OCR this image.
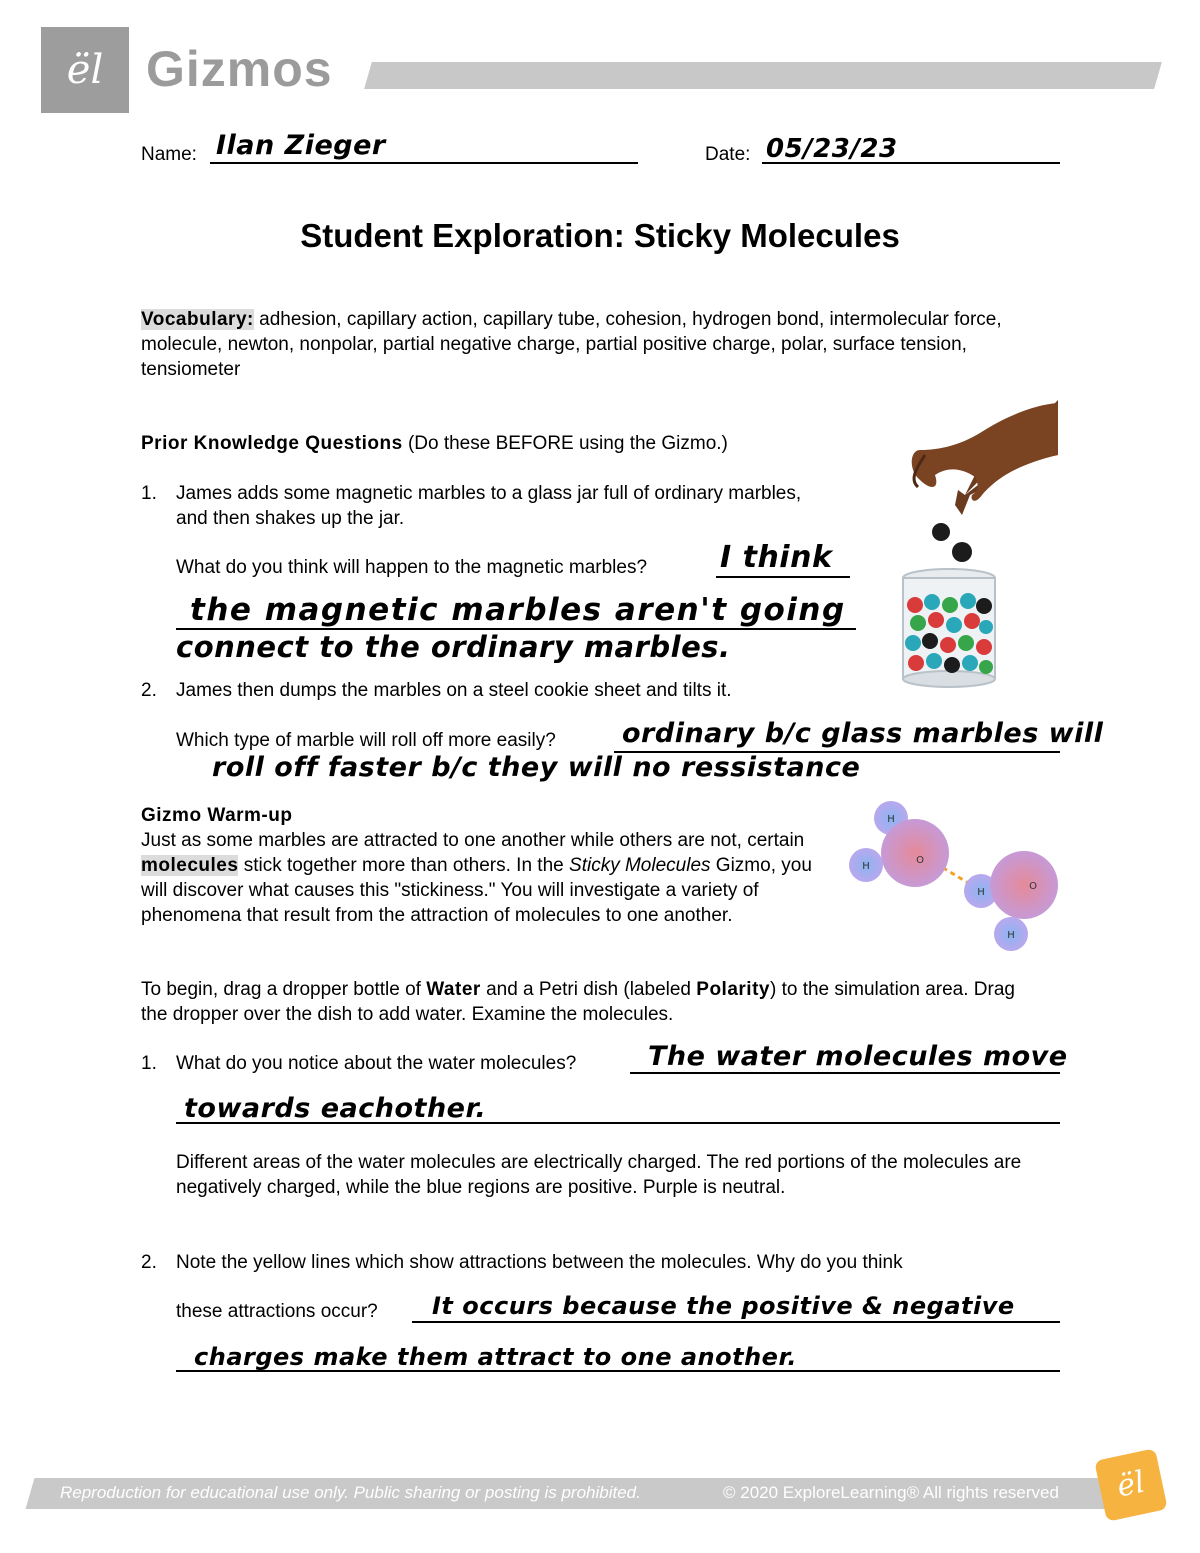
ël Gizmos
Name: Ilan Zieger	Date: 05/23/23
Student Exploration: Sticky Molecules
Vocabulary: adhesion, capillary action, capillary tube, cohesion, hydrogen bond, intermolecular force, molecule, newton, nonpolar, partial negative charge, partial positive charge, polar, surface tension, tensiometer
Prior Knowledge Questions (Do these BEFORE using the Gizmo.)
1. James adds some magnetic marbles to a glass jar full of ordinary marbles, and then shakes up the jar.
What do you think will happen to the magnetic marbles? I think
the magnetic marbles aren't going
connect to the ordinary marbles.
2. James then dumps the marbles on a steel cookie sheet and tilts it.
Which type of marble will roll off more easily? ordinary b/c glass marbles will
roll off faster b/c they will no ressistance
Gizmo Warm-up
Just as some marbles are attracted to one another while others are not, certain molecules stick together more than others. In the Sticky Molecules Gizmo, you will discover what causes this "stickiness." You will investigate a variety of phenomena that result from the attraction of molecules to one another.
H
O
H
H
O
H
To begin, drag a dropper bottle of Water and a Petri dish (labeled Polarity) to the simulation area. Drag the dropper over the dish to add water. Examine the molecules.
1. What do you notice about the water molecules?	The water molecules move
towards eachother.
Different areas of the water molecules are electrically charged. The red portions of the molecules are negatively charged, while the blue regions are positive. Purple is neutral.
2. Note the yellow lines which show attractions between the molecules. Why do you think
these attractions occur? It occurs because the positive & negative
charges make them attract to one another.
Reproduction for educational use only. Public sharing or posting is prohibited.	© 2020 ExploreLearning® All rights reserved	ël
